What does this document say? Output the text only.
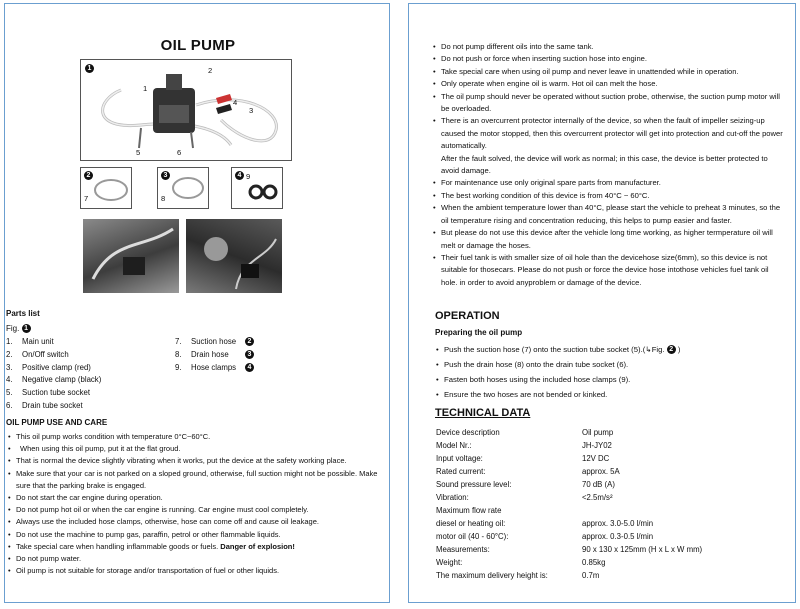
OIL PUMP
1
1
2
3
4
5	6
2
7
3
8
4 9
Parts list
Fig. 1
1. Main unit
2. On/Off switch
3. Positive clamp (red)
4. Negative clamp (black)
5. Suction tube socket
6. Drain tube socket
7. Suction hose 2
8. Drain hose	3
9. Hose clamps 4
OIL PUMP USE AND CARE
• This oil pump works condition with temperature 0°C~60°C.
• When using this oil pump, put it at the flat groud.
• That is normal the device slightly vibrating when it works, put the device at the safety working place.
• Make sure that your car is not parked on a sloped ground, otherwise, full suction might not be possible. Make sure that the parking brake is engaged.
• Do not start the car engine during operation.
• Do not pump hot oil or when the car engine is running. Car engine must cool completely.
• Always use the included hose clamps, otherwise, hose can come off and cause oil leakage.
• Do not use the machine to pump gas, paraffin, petrol or other flammable liquids.
• Take special care when handling inflammable goods or fuels. Danger of explosion!
• Do not pump water.
• Oil pump is not suitable for storage and/or transportation of fuel or other liquids.
• Do not pump different oils into the same tank.
• Do not push or force when inserting suction hose into engine.
• Take special care when using oil pump and never leave in unattended while in operation.
• Only operate when engine oil is warm. Hot oil can melt the hose.
• The oil pump should never be operated without suction probe, otherwise, the suction pump motor will be overloaded.
• There is an overcurrent protector internally of the device, so when the fault of impeller seizing-up caused the motor stopped, then this overcurrent protector will get into protection and cut-off the power automatically.
After the fault solved, the device will work as normal; in this case, the device is better protected to avoid damage.
• For maintenance use only original spare parts from manufacturer.
• The best working condition of this device is from 40°C ~ 60°C.
• When the ambient temperature lower than 40°C, please start the vehicle to preheat 3 minutes, so the oil temperature rising and concentration reducing, this helps to pump easier and faster.
• But please do not use this device after the vehicle long time working, as higher termperature oil will melt or damage the hoses.
• Their fuel tank is with smaller size of oil hole than the devicehose size(6mm), so this device is not suitable for thosecars. Please do not push or force the device hose intothose vehicles fuel tank oil hole. in order to avoid anyproblem or damage of the device.
OPERATION
Preparing the oil pump
• Push the suction hose (7) onto the suction tube socket (5).(↳Fig. 2 )
• Push the drain hose (8) onto the drain tube socket (6).
• Fasten both hoses using the included hose clamps (9).
• Ensure the two hoses are not bended or kinked.
TECHNICAL DATA
Device description	Oil pump
Model Nr.:	JH-JY02
Input voltage:	12V DC
Rated current:	approx. 5A
Sound pressure level:	70 dB (A)
Vibration:	<2.5m/s²
Maximum flow rate
diesel or heating oil:	approx. 3.0-5.0 l/min
motor oil (40 - 60°C):	approx. 0.3-0.5 l/min
Measurements:	90 x 130 x 125mm (H x L x W mm)
Weight:	0.85kg
The maximum delivery height is:	0.7m
